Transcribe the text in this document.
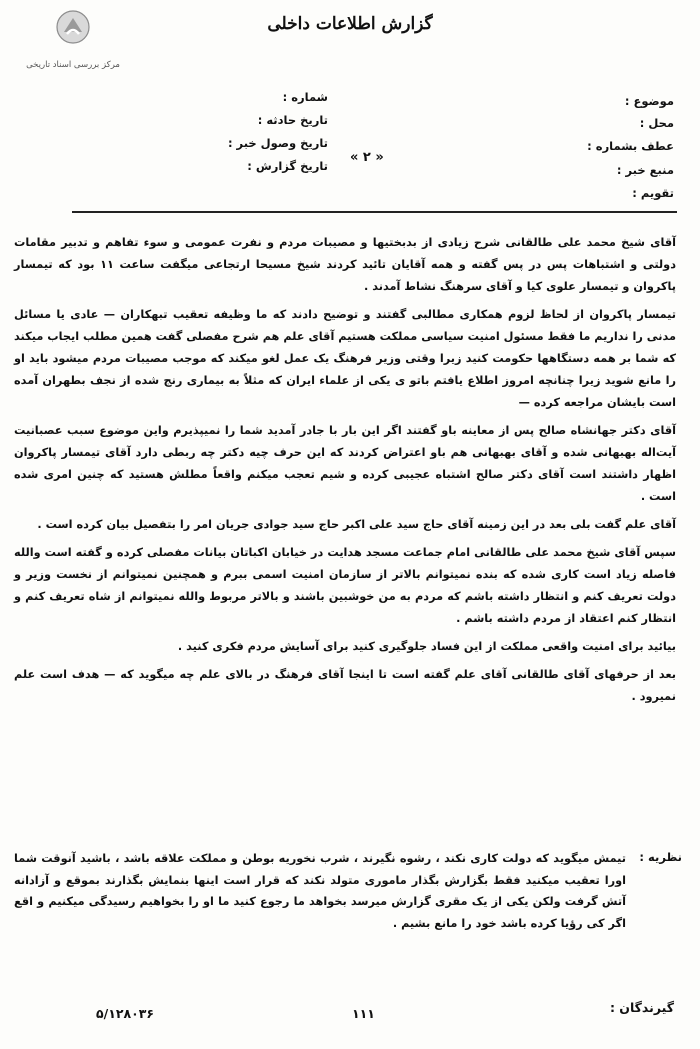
مرکز بررسی اسناد تاریخی
گزارش اطلاعات داخلی
موضوع :
محل :
عطف بشماره :
منبع خبر :
تقویم :
شماره :
تاریخ حادثه :
تاریخ وصول خبر :
تاریخ گزارش :
« ۲ »

آقای شیخ محمد علی طالقانی شرح زیادی از بدبختیها و مصیبات مردم و نفرت عمومی و سوء تفاهم و تدبیر مقامات دولتی و اشتباهات پس در پس گفته و همه آقایان تائید کردند شیخ مسیحا ارتجاعی میگفت ساعت ۱۱ بود که تیمسار پاکروان و تیمسار علوی کیا و آقای سرهنگ نشاط آمدند .

تیمسار پاکروان از لحاظ لزوم همکاری مطالبی گفتند و توضیح دادند که ما وظیفه تعقیب تبهکاران — عادی یا مسائل مدنی را نداریم ما فقط مسئول امنیت سیاسی مملکت هستیم آقای علم هم شرح مفصلی گفت همین مطلب ایجاب میکند که شما بر همه دستگاهها حکومت کنید زیرا وقتی وزیر فرهنگ یک عمل لغو میکند که موجب مصیبات مردم میشود باید او را مانع شوید زیرا چنانچه امروز اطلاع یافتم باتو ی یکی از علماء ایران که مثلاً به بیماری رنج شده از نجف بطهران آمده است بایشان مراجعه کرده —

آقای دکتر جهانشاه صالح پس از معاینه باو گفتند اگر این بار با جادر آمدید شما را نمیپذیرم واین موضوع سبب عصبانیت آیت‌اله بهبهانی شده و آقای بهبهانی هم باو اعتراض کردند که این حرف چیه دکتر چه ربطی دارد آقای تیمسار پاکروان اظهار داشتند است آقای دکتر صالح اشتباه عجیبی کرده و شیم تعجب میکنم واقعاً مطلش هستید که چنین امری شده است .

آقای علم گفت بلی بعد در این زمینه آقای حاج سید علی اکبر حاج سید جوادی جریان امر را بتفصیل بیان کرده است .

سپس آقای شیخ محمد علی طالقانی امام جماعت مسجد هدایت در خیابان اکباتان بیانات مفصلی کرده و گفته است والله فاصله زیاد است کاری شده که بنده نمیتوانم بالاتر از سازمان امنیت اسمی ببرم و همچنین نمیتوانم از نخست وزیر و دولت تعریف کنم و انتظار داشته باشم که مردم به من خوشبین باشند و بالاتر مربوط والله نمیتوانم از شاه تعریف کنم و انتظار کنم اعتقاد از مردم داشته باشم .

بیائید برای امنیت واقعی مملکت از این فساد جلوگیری کنید برای آسایش مردم فکری کنید .

بعد از حرفهای آقای طالقانی آقای علم گفته است تا اینجا آقای فرهنگ در بالای علم چه میگوید که — هدف است علم نمیرود .

نظریه :
تیمش میگوید که دولت کاری نکند ، رشوه نگیرند ، شرب نخوریه بوطن و مملکت علاقه باشد ، باشید آنوقت شما اورا تعقیب میکنید فقط بگزارش بگذار ماموری متولد نکند که قرار است اینها بنمایش بگذارند بموقع و آزادانه آتش گرفت ولکن یکی از یک مقری گزارش میرسد بخواهد ما رجوع کنید ما او را بخواهیم رسیدگی میکنیم و اقع اگر کی رؤیا کرده باشد خود را مانع بشیم .
گیرندگان :
۱۱۱
۵/۱۲۸۰۳۶
